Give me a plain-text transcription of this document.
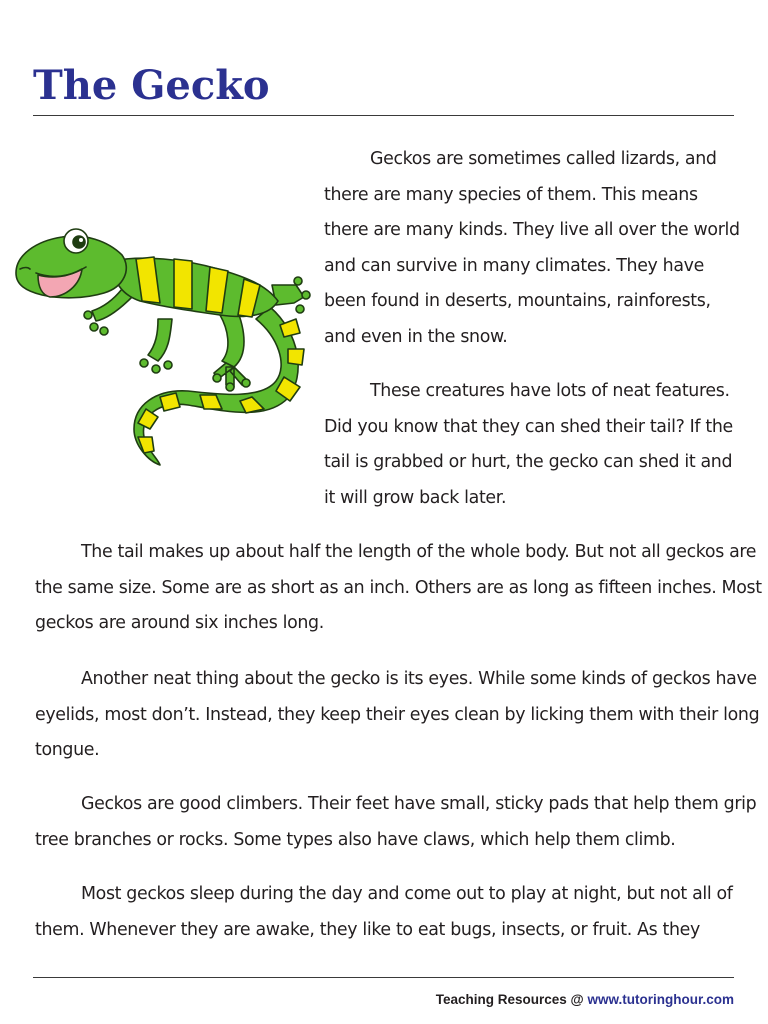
The Gecko

Geckos are sometimes called lizards, and there are many species of them. This means there are many kinds. They live all over the world and can survive in many climates. They have been found in deserts, mountains, rainforests, and even in the snow.

These creatures have lots of neat features. Did you know that they can shed their tail? If the tail is grabbed or hurt, the gecko can shed it and it will grow back later.

The tail makes up about half the length of the whole body. But not all geckos are the same size. Some are as short as an inch. Others are as long as fifteen inches. Most geckos are around six inches long.

Another neat thing about the gecko is its eyes. While some kinds of geckos have eyelids, most don’t. Instead, they keep their eyes clean by licking them with their long tongue.

Geckos are good climbers. Their feet have small, sticky pads that help them grip tree branches or rocks. Some types also have claws, which help them climb.

Most geckos sleep during the day and come out to play at night, but not all of them. Whenever they are awake, they like to eat bugs, insects, or fruit. As they

Teaching Resources @ www.tutoringhour.com
